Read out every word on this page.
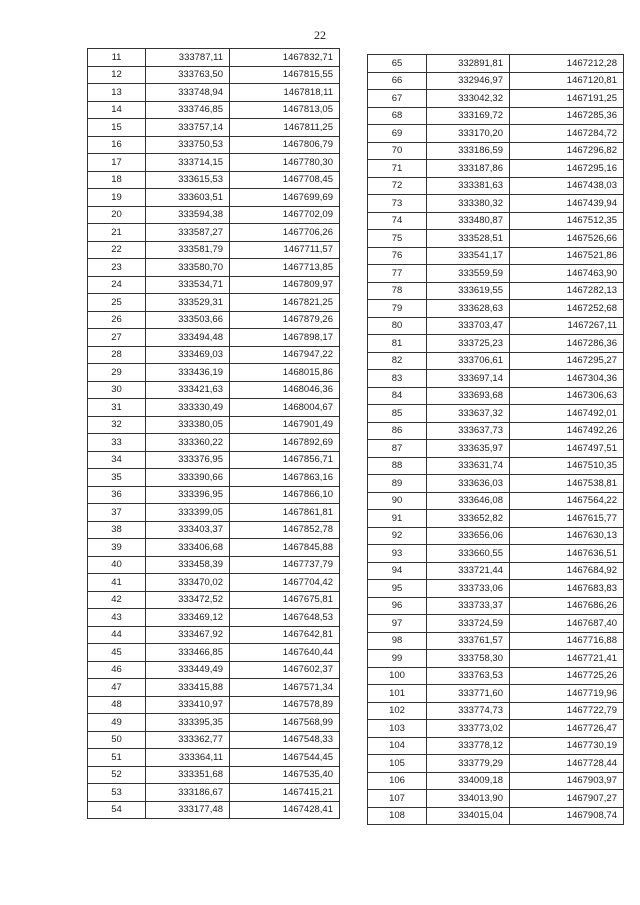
22
11	333787,11	1467832,71
12	333763,50	1467815,55
13	333748,94	1467818,11
14	333746,85	1467813,05
15	333757,14	1467811,25
16	333750,53	1467806,79
17	333714,15	1467780,30
18	333615,53	1467708,45
19	333603,51	1467699,69
20	333594,38	1467702,09
21	333587,27	1467706,26
22	333581,79	1467711,57
23	333580,70	1467713,85
24	333534,71	1467809,97
25	333529,31	1467821,25
26	333503,66	1467879,26
27	333494,48	1467898,17
28	333469,03	1467947,22
29	333436,19	1468015,86
30	333421,63	1468046,36
31	333330,49	1468004,67
32	333380,05	1467901,49
33	333360,22	1467892,69
34	333376,95	1467856,71
35	333390,66	1467863,16
36	333396,95	1467866,10
37	333399,05	1467861,81
38	333403,37	1467852,78
39	333406,68	1467845,88
40	333458,39	1467737,79
41	333470,02	1467704,42
42	333472,52	1467675,81
43	333469,12	1467648,53
44	333467,92	1467642,81
45	333466,85	1467640,44
46	333449,49	1467602,37
47	333415,88	1467571,34
48	333410,97	1467578,89
49	333395,35	1467568,99
50	333362,77	1467548,33
51	333364,11	1467544,45
52	333351,68	1467535,40
53	333186,67	1467415,21
54	333177,48	1467428,41
65	332891,81	1467212,28
66	332946,97	1467120,81
67	333042,32	1467191,25
68	333169,72	1467285,36
69	333170,20	1467284,72
70	333186,59	1467296,82
71	333187,86	1467295,16
72	333381,63	1467438,03
73	333380,32	1467439,94
74	333480,87	1467512,35
75	333528,51	1467526,66
76	333541,17	1467521,86
77	333559,59	1467463,90
78	333619,55	1467282,13
79	333628,63	1467252,68
80	333703,47	1467267,11
81	333725,23	1467286,36
82	333706,61	1467295,27
83	333697,14	1467304,36
84	333693,68	1467306,63
85	333637,32	1467492,01
86	333637,73	1467492,26
87	333635,97	1467497,51
88	333631,74	1467510,35
89	333636,03	1467538,81
90	333646,08	1467564,22
91	333652,82	1467615,77
92	333656,06	1467630,13
93	333660,55	1467636,51
94	333721,44	1467684,92
95	333733,06	1467683,83
96	333733,37	1467686,26
97	333724,59	1467687,40
98	333761,57	1467716,88
99	333758,30	1467721,41
100	333763,53	1467725,26
101	333771,60	1467719,96
102	333774,73	1467722,79
103	333773,02	1467726,47
104	333778,12	1467730,19
105	333779,29	1467728,44
106	334009,18	1467903,97
107	334013,90	1467907,27
108	334015,04	1467908,74
